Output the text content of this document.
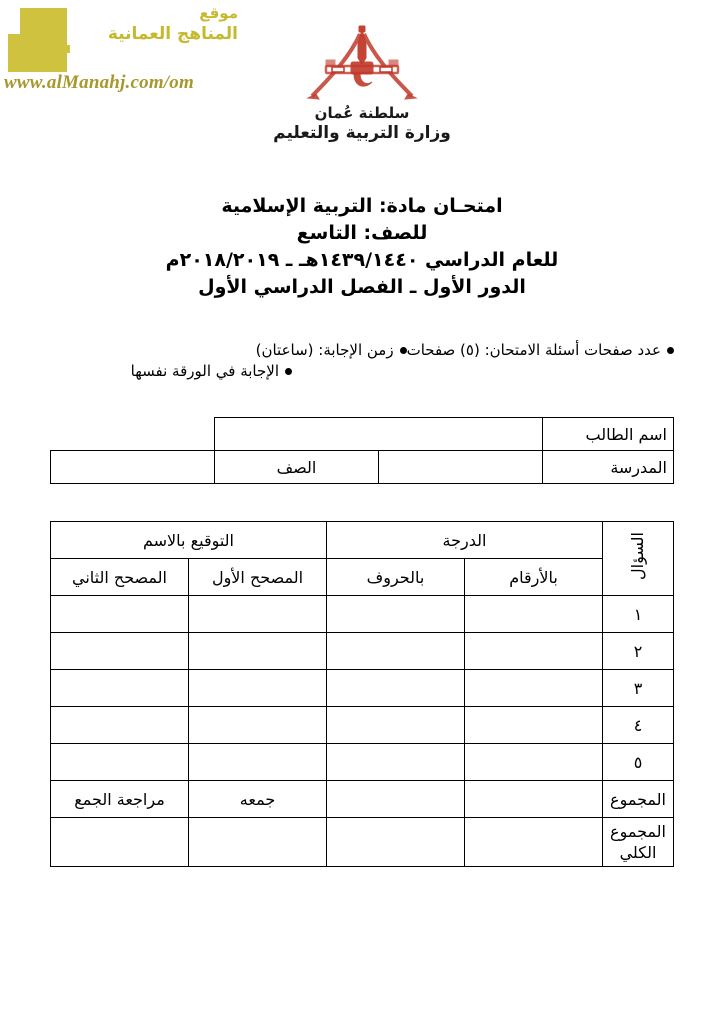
موقع
المناهج العمانية
www.alManahj.com/om
سلطنة عُمان
وزارة التربية والتعليم
امتحـان مادة: التربية الإسلامية
للصف: التاسع
للعام الدراسي ١٤٣٩/١٤٤٠هـ ـ ٢٠١٨/٢٠١٩م
الدور الأول ـ الفصل الدراسي الأول
عدد صفحات أسئلة الامتحان: (٥) صفحات
زمن الإجابة: (ساعتان)
الإجابة في الورقة نفسها
اسم الطالب			
المدرسة		الصف	
السؤال	الدرجة		التوقيع بالاسم	
	بالأرقام	بالحروف	المصحح الأول	المصحح الثاني
١				
٢				
٣				
٤				
٥				
المجموع			جمعه	مراجعة الجمع
المجموع الكلي				
